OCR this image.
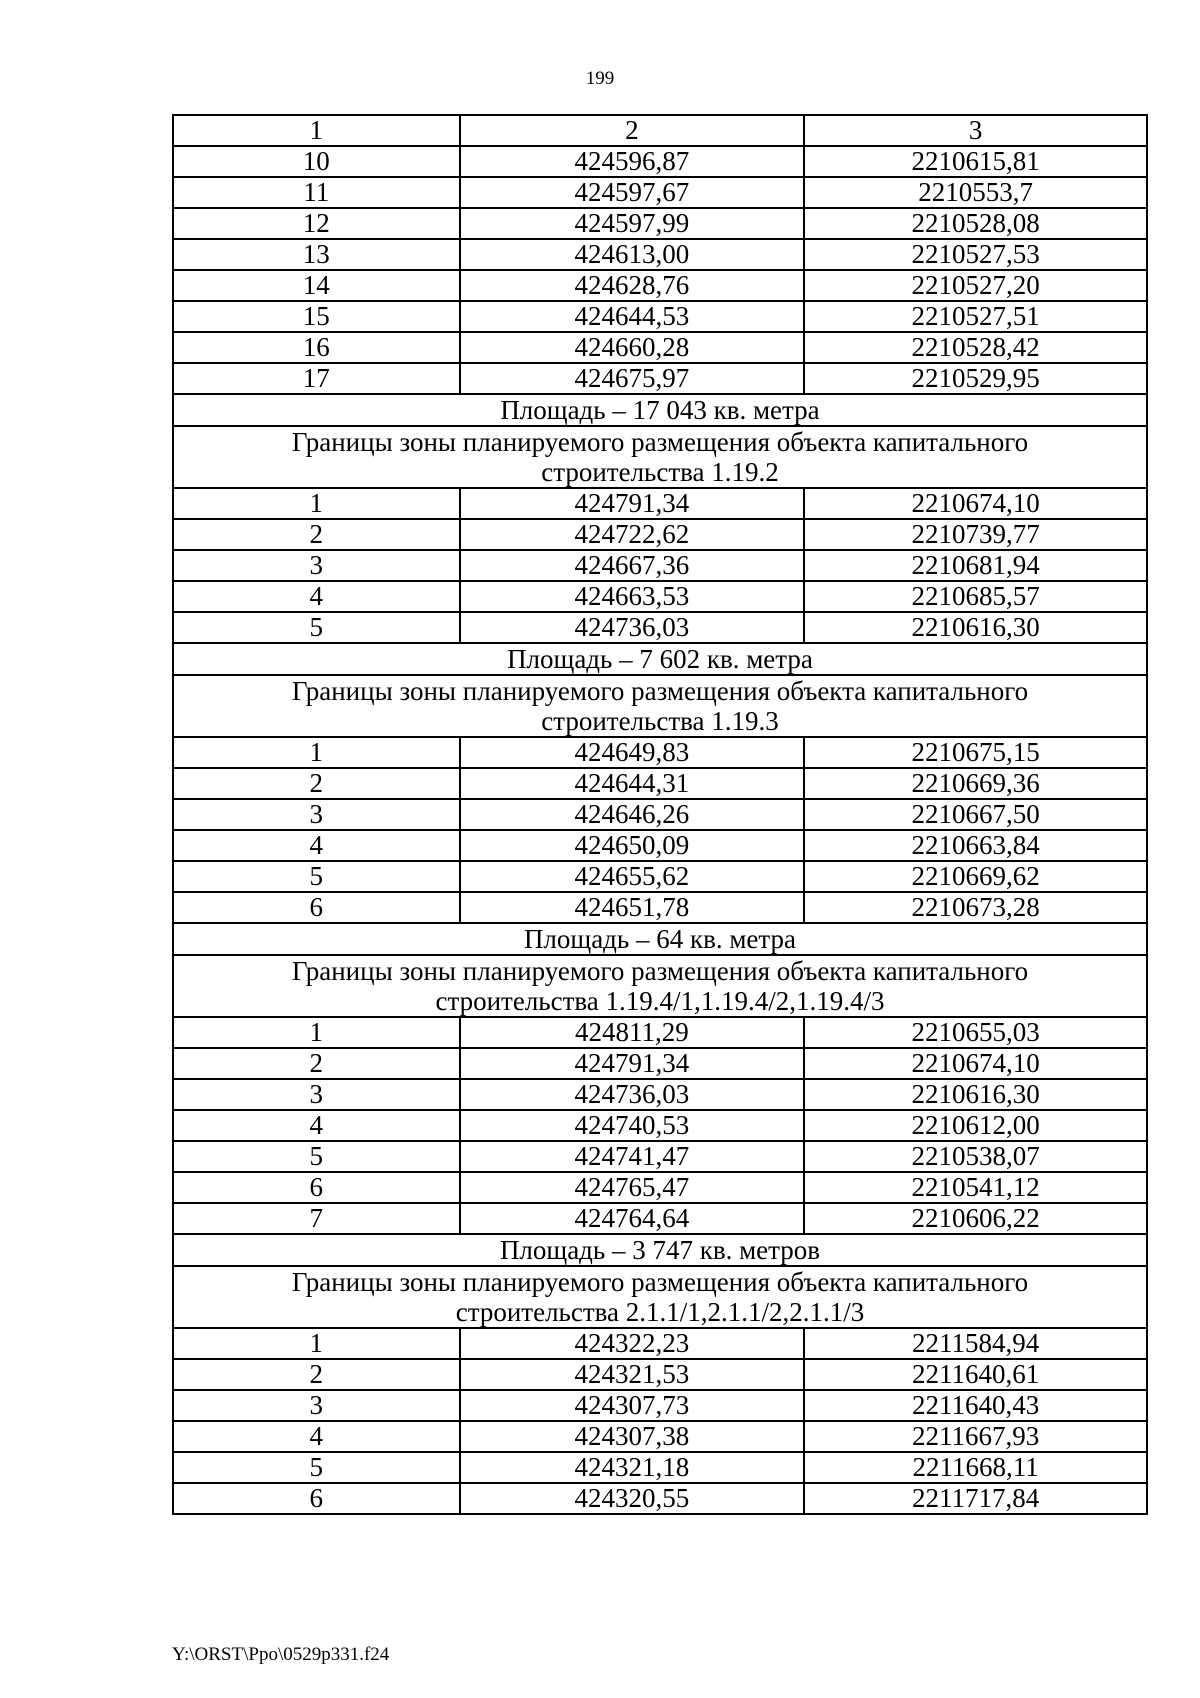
199
1	2	3
10	424596,87	2210615,81
11	424597,67	2210553,7
12	424597,99	2210528,08
13	424613,00	2210527,53
14	424628,76	2210527,20
15	424644,53	2210527,51
16	424660,28	2210528,42
17	424675,97	2210529,95
Площадь – 17 043 кв. метра		

Границы зоны планируемого размещения объекта капитального
строительства 1.19.2		

1	424791,34	2210674,10
2	424722,62	2210739,77
3	424667,36	2210681,94
4	424663,53	2210685,57
5	424736,03	2210616,30
Площадь – 7 602 кв. метра		

Границы зоны планируемого размещения объекта капитального
строительства 1.19.3		

1	424649,83	2210675,15
2	424644,31	2210669,36
3	424646,26	2210667,50
4	424650,09	2210663,84
5	424655,62	2210669,62
6	424651,78	2210673,28
Площадь – 64 кв. метра		

Границы зоны планируемого размещения объекта капитального
строительства 1.19.4/1,1.19.4/2,1.19.4/3		

1	424811,29	2210655,03
2	424791,34	2210674,10
3	424736,03	2210616,30
4	424740,53	2210612,00
5	424741,47	2210538,07
6	424765,47	2210541,12
7	424764,64	2210606,22
Площадь – 3 747 кв. метров		

Границы зоны планируемого размещения объекта капитального
строительства 2.1.1/1,2.1.1/2,2.1.1/3		

1	424322,23	2211584,94
2	424321,53	2211640,61
3	424307,73	2211640,43
4	424307,38	2211667,93
5	424321,18	2211668,11
6	424320,55	2211717,84
Y:\ORST\Ppo\0529p331.f24
